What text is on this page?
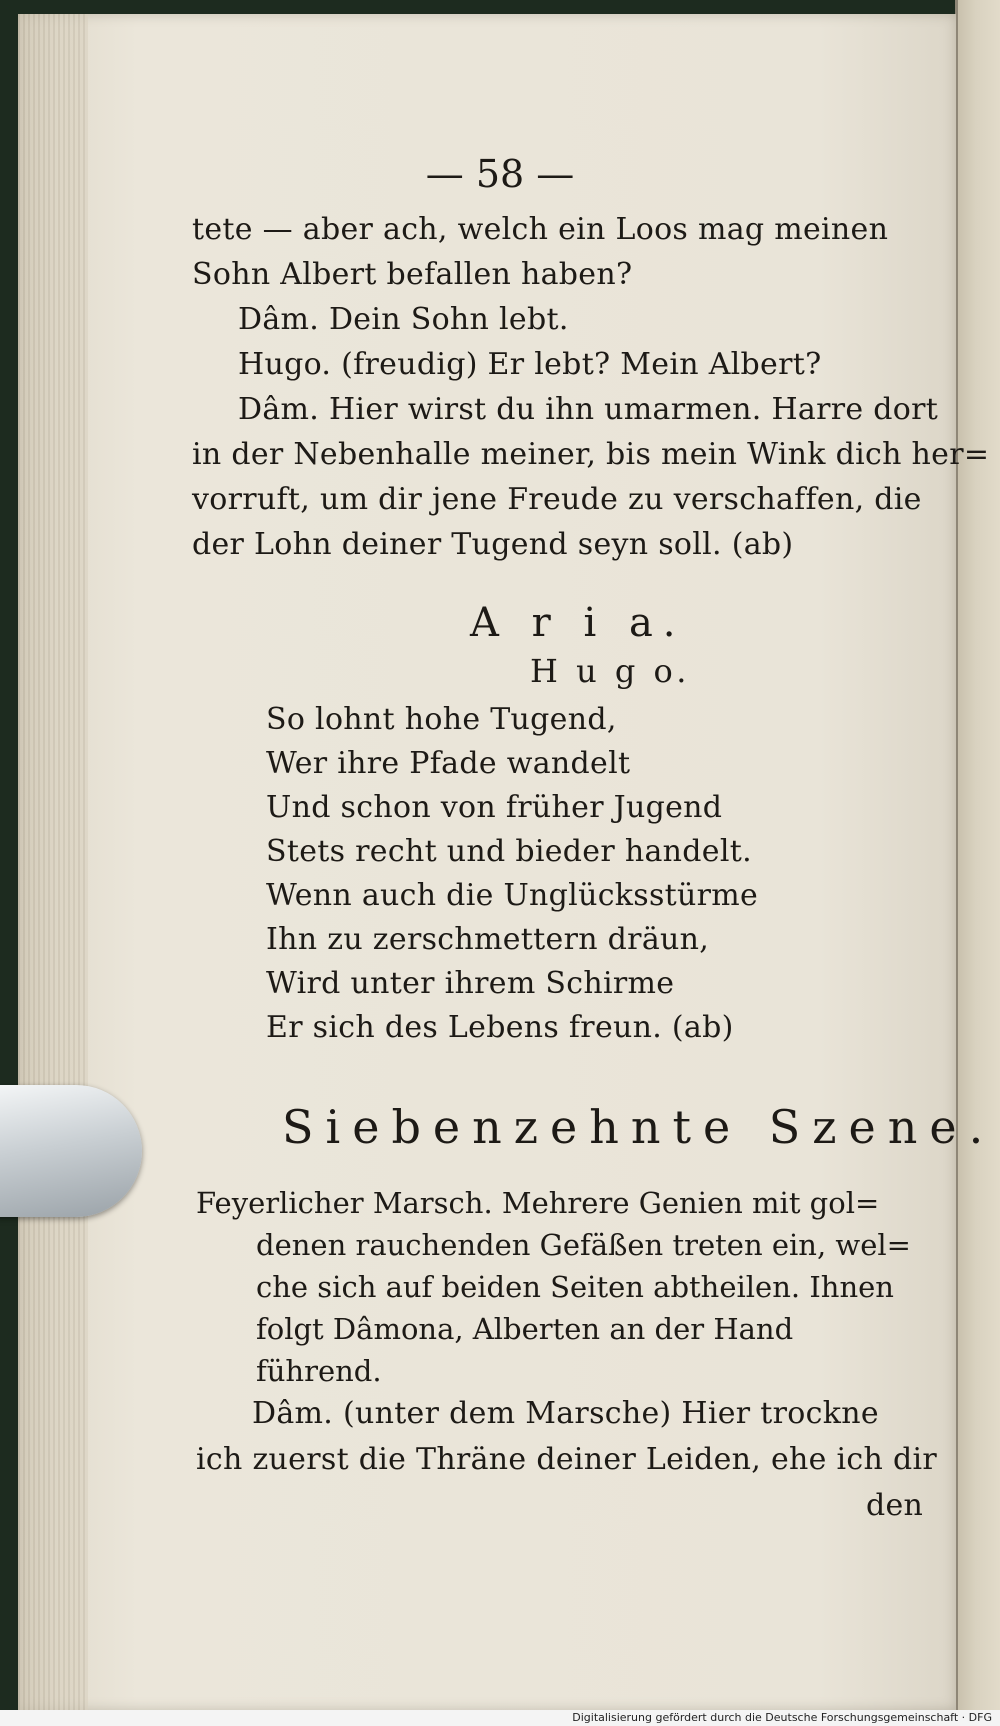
— 58 —
tete — aber ach, welch ein Loos mag meinen
Sohn Albert befallen haben?
Dâm. Dein Sohn lebt.
Hugo. (freudig) Er lebt? Mein Albert?
Dâm. Hier wirst du ihn umarmen. Harre dort
in der Nebenhalle meiner, bis mein Wink dich her=
vorruft, um dir jene Freude zu verschaffen, die
der Lohn deiner Tugend seyn soll. (ab)
A r i a.
H u g o.
So lohnt hohe Tugend,
Wer ihre Pfade wandelt
Und schon von früher Jugend
Stets recht und bieder handelt.
Wenn auch die Unglücksstürme
Ihn zu zerschmettern dräun,
Wird unter ihrem Schirme
Er sich des Lebens freun. (ab)
Siebenzehnte Szene.
Feyerlicher Marsch. Mehrere Genien mit gol=
denen rauchenden Gefäßen treten ein, wel=
che sich auf beiden Seiten abtheilen. Ihnen
folgt Dâmona, Alberten an der Hand
führend.
Dâm. (unter dem Marsche) Hier trockne
ich zuerst die Thräne deiner Leiden, ehe ich dir
den
Digitalisierung gefördert durch die Deutsche Forschungsgemeinschaft · DFG
